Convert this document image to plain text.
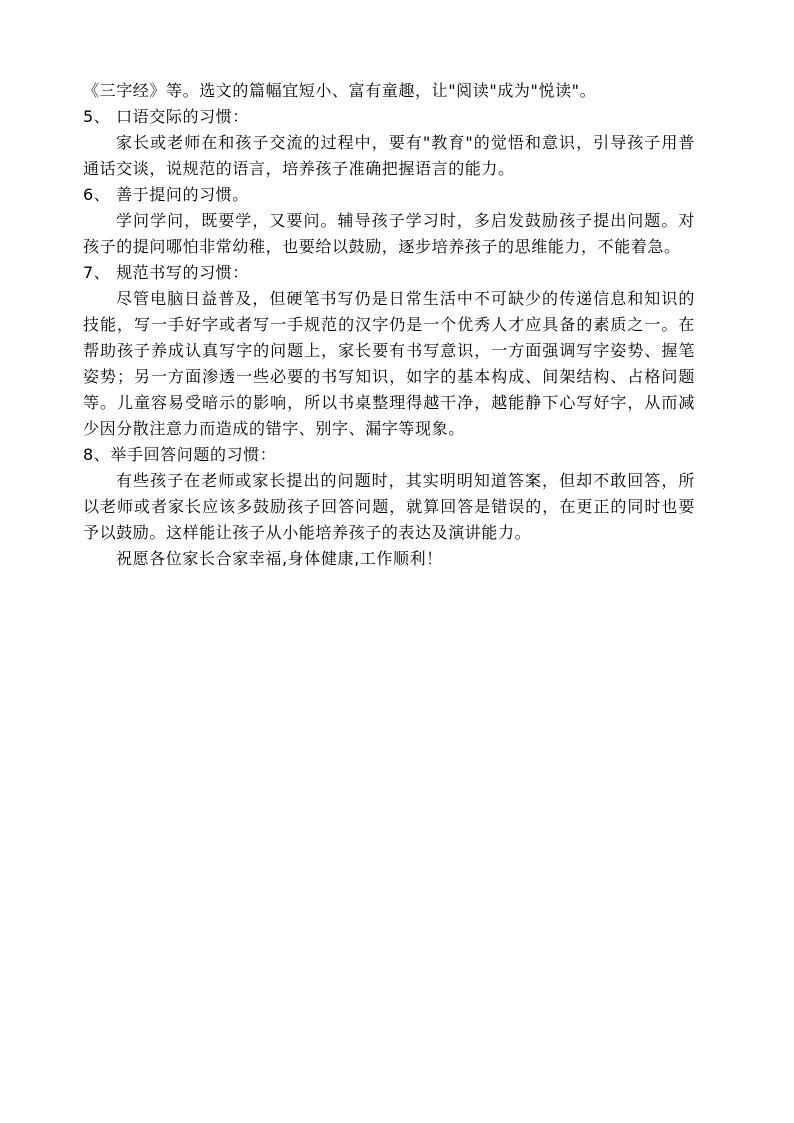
《三字经》等。选文的篇幅宜短小、富有童趣，让"阅读"成为"悦读"。

5、 口语交际的习惯：

家长或老师在和孩子交流的过程中，要有"教育"的觉悟和意识，引导孩子用普通话交谈，说规范的语言，培养孩子准确把握语言的能力。

6、 善于提问的习惯。

学问学问，既要学，又要问。辅导孩子学习时，多启发鼓励孩子提出问题。对孩子的提问哪怕非常幼稚，也要给以鼓励，逐步培养孩子的思维能力，不能着急。

7、 规范书写的习惯：

尽管电脑日益普及，但硬笔书写仍是日常生活中不可缺少的传递信息和知识的技能，写一手好字或者写一手规范的汉字仍是一个优秀人才应具备的素质之一。在帮助孩子养成认真写字的问题上，家长要有书写意识，一方面强调写字姿势、握笔姿势；另一方面渗透一些必要的书写知识，如字的基本构成、间架结构、占格问题等。儿童容易受暗示的影响，所以书桌整理得越干净，越能静下心写好字，从而减少因分散注意力而造成的错字、别字、漏字等现象。

8、举手回答问题的习惯：

有些孩子在老师或家长提出的问题时，其实明明知道答案，但却不敢回答，所以老师或者家长应该多鼓励孩子回答问题，就算回答是错误的，在更正的同时也要予以鼓励。这样能让孩子从小能培养孩子的表达及演讲能力。

祝愿各位家长合家幸福,身体健康,工作顺利！
